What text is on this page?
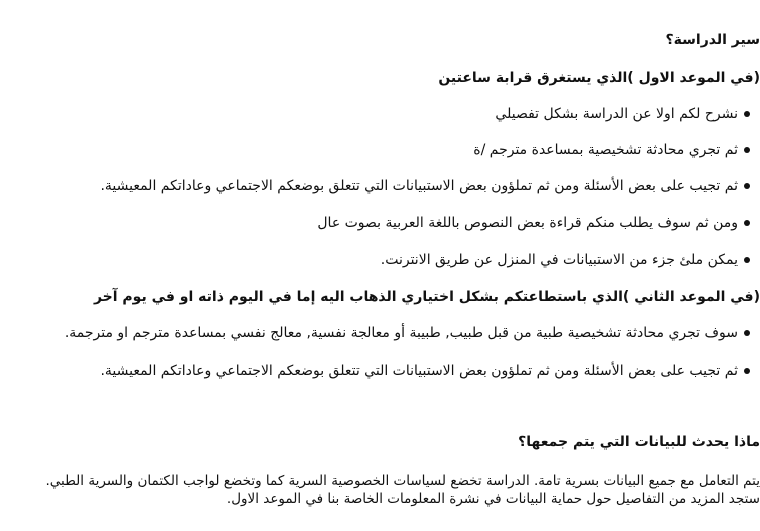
سير الدراسة؟
(في الموعد الاول )الذي يستغرق قرابة ساعتين
نشرح لكم اولا عن الدراسة بشكل تفصيلي
ثم تجري محادثة تشخيصية بمساعدة مترجم /ة
ثم تجيب على بعض الأسئلة ومن ثم تملؤون بعض الاستبيانات التي تتعلق بوضعكم الاجتماعي وعاداتكم المعيشية.
ومن ثم سوف يطلب منكم قراءة بعض النصوص باللغة العربية بصوت عال
يمكن ملئ جزء من الاستبيانات في المنزل عن طريق الانترنت.
(في الموعد الثاني )الذي باستطاعتكم بشكل اختياري الذهاب اليه إما في اليوم ذاته او في يوم آخر
سوف تجري محادثة تشخيصية طبية من قبل طبيب, طبيبة أو معالجة نفسية, معالج نفسي بمساعدة مترجم او مترجمة.
ثم تجيب على بعض الأسئلة ومن ثم تملؤون بعض الاستبيانات التي تتعلق بوضعكم الاجتماعي وعاداتكم المعيشية.
ماذا يحدث للبيانات التي يتم جمعها؟
يتم التعامل مع جميع البيانات بسرية تامة. الدراسة تخضع لسياسات الخصوصية السرية كما وتخضع لواجب الكتمان والسرية الطبي.
ستجد المزيد من التفاصيل حول حماية البيانات في نشرة المعلومات الخاصة بنا في الموعد الاول.
